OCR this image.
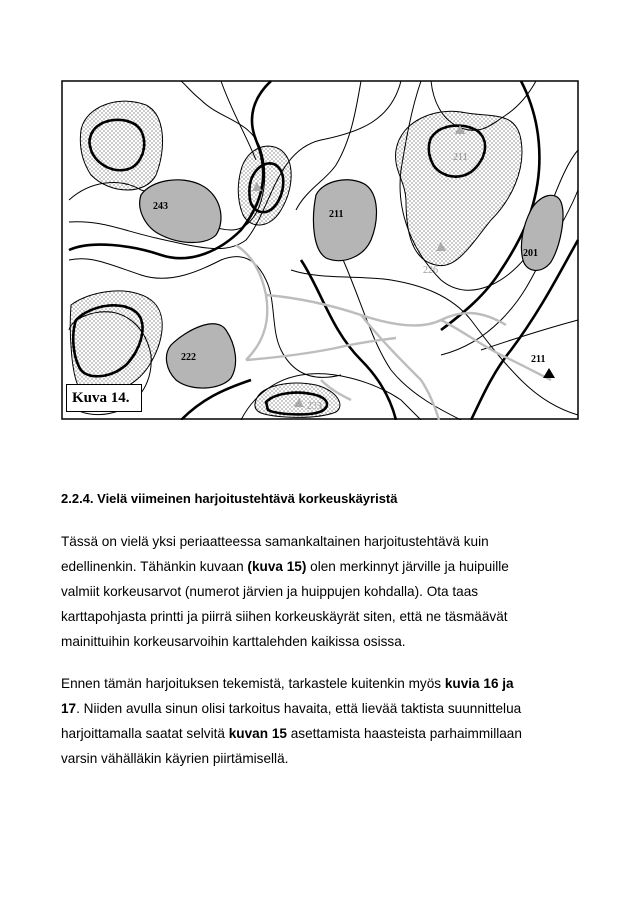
243
211
222
201
211
211
226
233
Kuva 14.
2.2.4. Vielä viimeinen harjoitustehtävä korkeuskäyristä

Tässä on vielä yksi periaatteessa samankaltainen harjoitustehtävä kuin
edellinenkin. Tähänkin kuvaan (kuva 15) olen merkinnyt järville ja huipuille
valmiit korkeusarvot (numerot järvien ja huippujen kohdalla). Ota taas
karttapohjasta printti ja piirrä siihen korkeuskäyrät siten, että ne täsmäävät
mainittuihin korkeusarvoihin karttalehden kaikissa osissa.

Ennen tämän harjoituksen tekemistä, tarkastele kuitenkin myös kuvia 16 ja
17. Niiden avulla sinun olisi tarkoitus havaita, että lievää taktista suunnittelua
harjoittamalla saatat selvitä kuvan 15 asettamista haasteista parhaimmillaan
varsin vähälläkin käyrien piirtämisellä.
